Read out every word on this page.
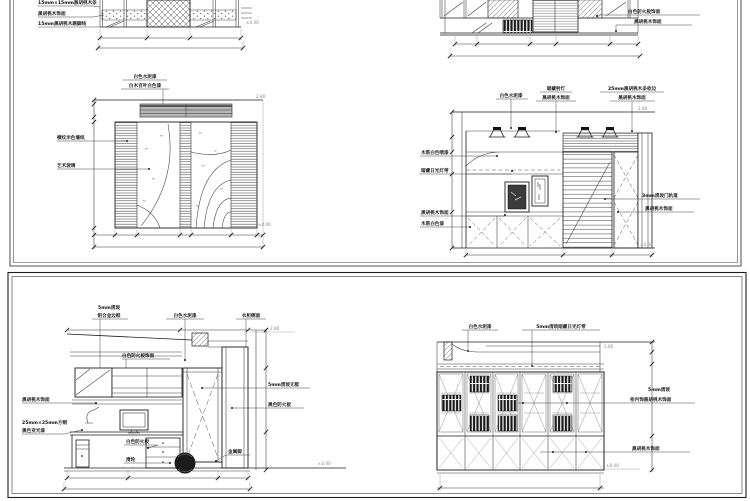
15mm×15mm黑胡桃木条
黑胡桃木饰面
15mm黑胡桃木踢脚线	±0.00
白色水泥漆
白木百叶白色漆
2.80
横纹米色墙纸
艺术玻璃
±0.00
白色防火板饰面
黑胡桃木饰面
白色水泥漆
暗藏射灯
黑胡桃木饰面
25mm黑胡桃木条收边
黑胡桃木饰面
2.80
木筋白色喷漆
暗藏日光灯带
黑胡桃木饰面
木筋白色漆
3mm清玻门轨道
黑胡桃木饰面
±0.00
5mm清玻
铝合金边框	白色水泥漆	衣柜侧面
2.80
白色防火板饰面
±0.00
黑胡桃木饰面
25mm×25mm方钢
黑色亚光漆
5mm清玻无框
黑色防火板
白色防火板
滑轮
金属脚
白色水泥漆	5mm清玻暗藏日光灯带
2.80
5mm清玻
柜内饰黑胡桃木饰面
黑胡桃木饰面
±0.00
